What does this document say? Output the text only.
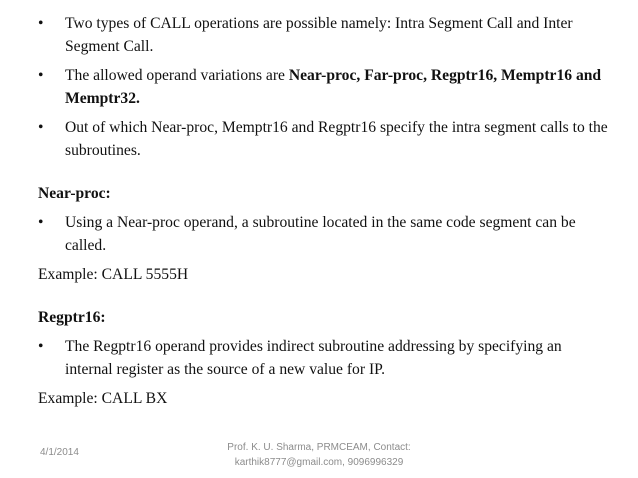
•	Two types of CALL operations are possible namely: Intra Segment Call and Inter Segment Call.
•	The allowed operand variations are Near-proc, Far-proc, Regptr16, Memptr16 and Memptr32.
•	Out of which Near-proc, Memptr16 and Regptr16 specify the intra segment calls to the subroutines.

Near-proc:

•	Using a Near-proc operand, a subroutine located in the same code segment can be called.

Example: CALL 5555H

Regptr16:

•	The Regptr16 operand provides indirect subroutine addressing by specifying an internal register as the source of a new value for IP.

Example: CALL BX

4/1/2014	Prof. K. U. Sharma, PRMCEAM, Contact:
karthik8777@gmail.com, 9096996329
